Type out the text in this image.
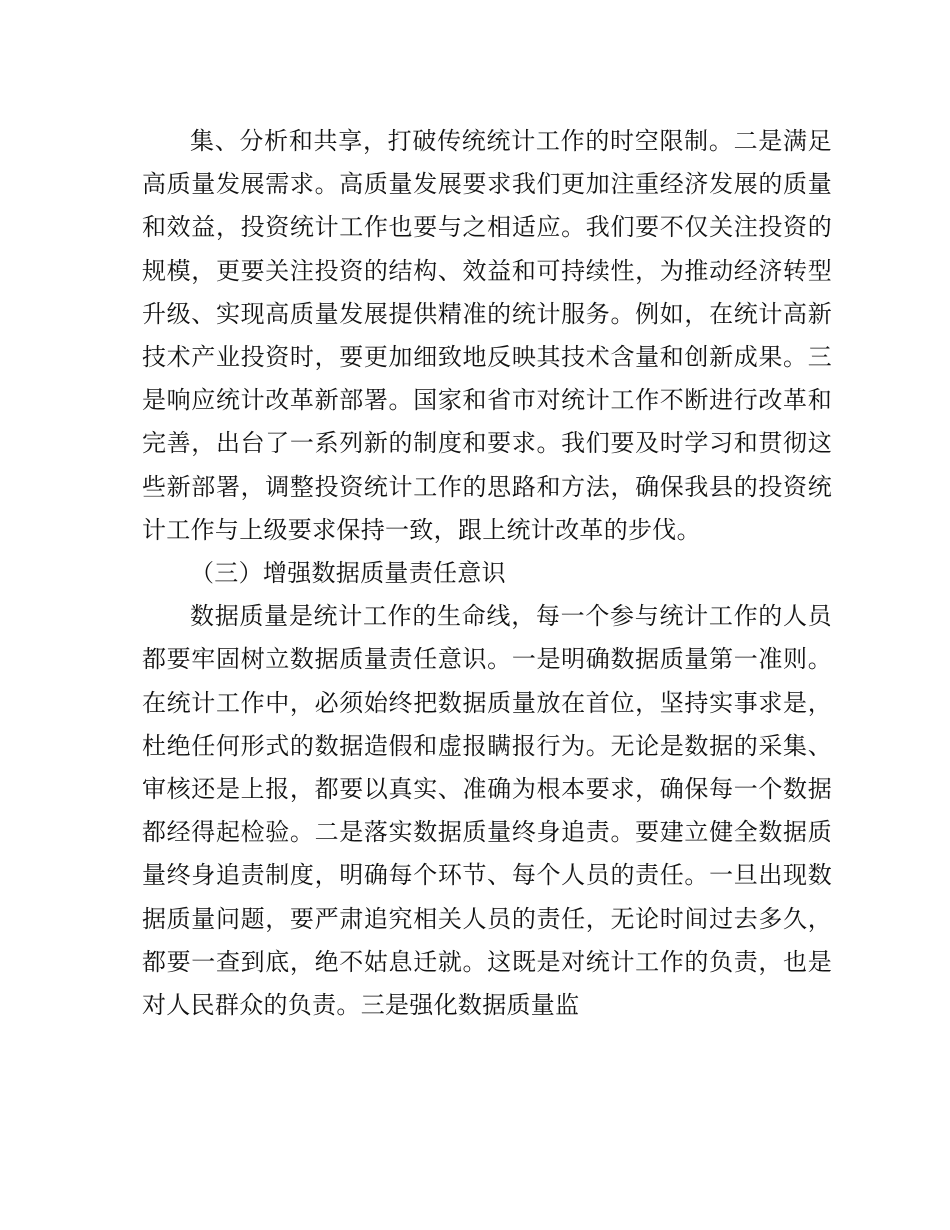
集、分析和共享，打破传统统计工作的时空限制。二是满足高质量发展需求。高质量发展要求我们更加注重经济发展的质量和效益，投资统计工作也要与之相适应。我们要不仅关注投资的规模，更要关注投资的结构、效益和可持续性，为推动经济转型升级、实现高质量发展提供精准的统计服务。例如，在统计高新技术产业投资时，要更加细致地反映其技术含量和创新成果。三是响应统计改革新部署。国家和省市对统计工作不断进行改革和完善，出台了一系列新的制度和要求。我们要及时学习和贯彻这些新部署，调整投资统计工作的思路和方法，确保我县的投资统计工作与上级要求保持一致，跟上统计改革的步伐。

（三）增强数据质量责任意识

数据质量是统计工作的生命线，每一个参与统计工作的人员都要牢固树立数据质量责任意识。一是明确数据质量第一准则。在统计工作中，必须始终把数据质量放在首位，坚持实事求是，杜绝任何形式的数据造假和虚报瞒报行为。无论是数据的采集、审核还是上报，都要以真实、准确为根本要求，确保每一个数据都经得起检验。二是落实数据质量终身追责。要建立健全数据质量终身追责制度，明确每个环节、每个人员的责任。一旦出现数据质量问题，要严肃追究相关人员的责任，无论时间过去多久，都要一查到底，绝不姑息迁就。这既是对统计工作的负责，也是对人民群众的负责。三是强化数据质量监
